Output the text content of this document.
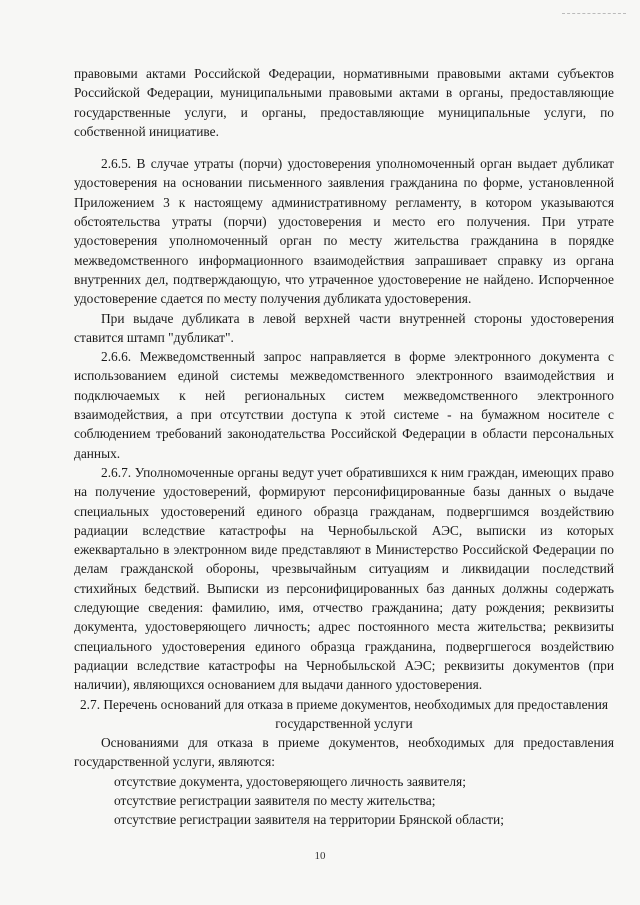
правовыми актами Российской Федерации, нормативными правовыми актами субъектов Российской Федерации, муниципальными правовыми актами в органы, предоставляющие государственные услуги, и органы, предоставляющие муниципальные услуги, по собственной инициативе.

2.6.5. В случае утраты (порчи) удостоверения уполномоченный орган выдает дубликат удостоверения на основании письменного заявления гражданина по форме, установленной Приложением 3 к настоящему административному регламенту, в котором указываются обстоятельства утраты (порчи) удостоверения и место его получения. При утрате удостоверения уполномоченный орган по месту жительства гражданина в порядке межведомственного информационного взаимодействия запрашивает справку из органа внутренних дел, подтверждающую, что утраченное удостоверение не найдено. Испорченное удостоверение сдается по месту получения дубликата удостоверения.

При выдаче дубликата в левой верхней части внутренней стороны удостоверения ставится штамп "дубликат".

2.6.6. Межведомственный запрос направляется в форме электронного документа с использованием единой системы межведомственного электронного взаимодействия и подключаемых к ней региональных систем межведомственного электронного взаимодействия, а при отсутствии доступа к этой системе - на бумажном носителе с соблюдением требований законодательства Российской Федерации в области персональных данных.

2.6.7. Уполномоченные органы ведут учет обратившихся к ним граждан, имеющих право на получение удостоверений, формируют персонифицированные базы данных о выдаче специальных удостоверений единого образца гражданам, подвергшимся воздействию радиации вследствие катастрофы на Чернобыльской АЭС, выписки из которых ежеквартально в электронном виде представляют в Министерство Российской Федерации по делам гражданской обороны, чрезвычайным ситуациям и ликвидации последствий стихийных бедствий. Выписки из персонифицированных баз данных должны содержать следующие сведения: фамилию, имя, отчество гражданина; дату рождения; реквизиты документа, удостоверяющего личность; адрес постоянного места жительства; реквизиты специального удостоверения единого образца гражданина, подвергшегося воздействию радиации вследствие катастрофы на Чернобыльской АЭС; реквизиты документов (при наличии), являющихся основанием для выдачи данного удостоверения.

2.7. Перечень оснований для отказа в приеме документов, необходимых для предоставления государственной услуги

Основаниями для отказа в приеме документов, необходимых для предоставления государственной услуги, являются:

отсутствие документа, удостоверяющего личность заявителя;
отсутствие регистрации заявителя по месту жительства;
отсутствие регистрации заявителя на территории Брянской области;
10
